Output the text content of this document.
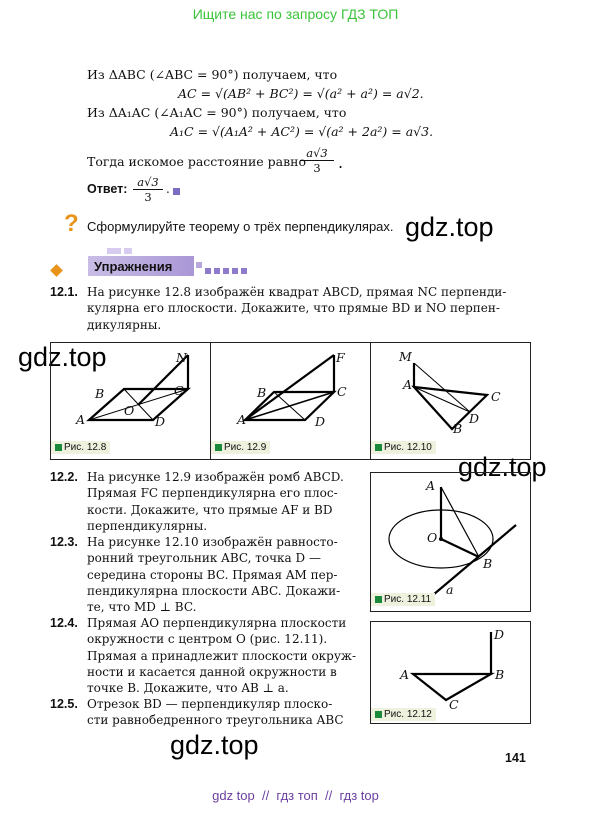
Ищите нас по запросу ГДЗ ТОП
Из ΔABC (∠ABC = 90°) получаем, что
AC = √(AB² + BC²) = √(a² + a²) = a√2.
Из ΔA₁AC (∠A₁AC = 90°) получаем, что
A₁C = √(A₁A² + AC²) = √(a² + 2a²) = a√3.
Тогда искомое расстояние равно
$\frac{a√3}{3}$ .
Ответ: $\frac{a√3}{3}$ .
? Сформулируйте теорему о трёх перпендикулярах. gdz.top
Упражнения
12.1. На рисунке 12.8 изображён квадрат ABCD, прямая NC перпенди-
кулярна его плоскости. Докажите, что прямые BD и NO перпен-
дикулярны.
gdz.top	N
B	C
O
A	D
Рис. 12.8
F
B	C
A	D
Рис. 12.9
M
A
C
D
B
Рис. 12.10
gdz.top
12.2. На рисунке 12.9 изображён ромб ABCD.
Прямая FC перпендикулярна его плос-
кости. Докажите, что прямые AF и BD
перпендикулярны.
12.3. На рисунке 12.10 изображён равносто-
ронний треугольник ABC, точка D —
середина стороны BC. Прямая AM пер-
пендикулярна плоскости ABC. Докажи-
те, что MD ⊥ BC.
12.4. Прямая AO перпендикулярна плоскости
окружности с центром O (рис. 12.11).
Прямая a принадлежит плоскости окруж-
ности и касается данной окружности в
точке B. Докажите, что AB ⊥ a.
12.5. Отрезок BD — перпендикуляр плоско-
сти равнобедренного треугольника ABC
A
O
B
a
Рис. 12.11
D
A	B
C
Рис. 12.12
gdz.top	141
gdz top  //  гдз топ  //  гдз top
